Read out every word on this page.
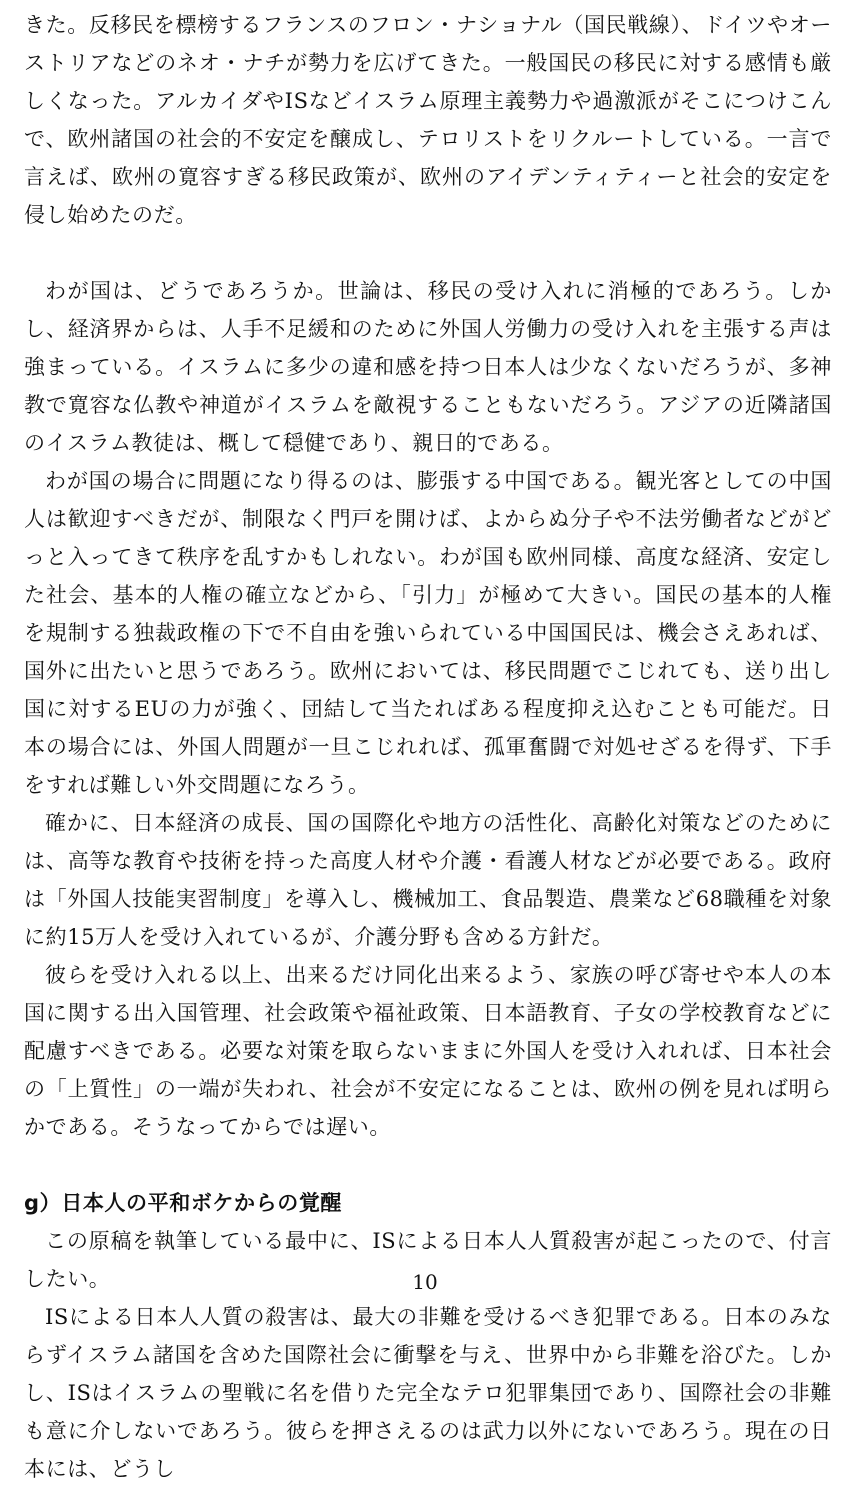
きた。反移民を標榜するフランスのフロン・ナショナル（国民戦線）、ドイツやオーストリアなどのネオ・ナチが勢力を広げてきた。一般国民の移民に対する感情も厳しくなった。アルカイダやISなどイスラム原理主義勢力や過激派がそこにつけこんで、欧州諸国の社会的不安定を醸成し、テロリストをリクルートしている。一言で言えば、欧州の寛容すぎる移民政策が、欧州のアイデンティティーと社会的安定を侵し始めたのだ。

わが国は、どうであろうか。世論は、移民の受け入れに消極的であろう。しかし、経済界からは、人手不足緩和のために外国人労働力の受け入れを主張する声は強まっている。イスラムに多少の違和感を持つ日本人は少なくないだろうが、多神教で寛容な仏教や神道がイスラムを敵視することもないだろう。アジアの近隣諸国のイスラム教徒は、概して穏健であり、親日的である。

わが国の場合に問題になり得るのは、膨張する中国である。観光客としての中国人は歓迎すべきだが、制限なく門戸を開けば、よからぬ分子や不法労働者などがどっと入ってきて秩序を乱すかもしれない。わが国も欧州同様、高度な経済、安定した社会、基本的人権の確立などから、「引力」が極めて大きい。国民の基本的人権を規制する独裁政権の下で不自由を強いられている中国国民は、機会さえあれば、国外に出たいと思うであろう。欧州においては、移民問題でこじれても、送り出し国に対するEUの力が強く、団結して当たればある程度抑え込むことも可能だ。日本の場合には、外国人問題が一旦こじれれば、孤軍奮闘で対処せざるを得ず、下手をすれば難しい外交問題になろう。

確かに、日本経済の成長、国の国際化や地方の活性化、高齢化対策などのためには、高等な教育や技術を持った高度人材や介護・看護人材などが必要である。政府は「外国人技能実習制度」を導入し、機械加工、食品製造、農業など68職種を対象に約15万人を受け入れているが、介護分野も含める方針だ。

彼らを受け入れる以上、出来るだけ同化出来るよう、家族の呼び寄せや本人の本国に関する出入国管理、社会政策や福祉政策、日本語教育、子女の学校教育などに配慮すべきである。必要な対策を取らないままに外国人を受け入れれば、日本社会の「上質性」の一端が失われ、社会が不安定になることは、欧州の例を見れば明らかである。そうなってからでは遅い。

g）日本人の平和ボケからの覚醒

この原稿を執筆している最中に、ISによる日本人人質殺害が起こったので、付言したい。

ISによる日本人人質の殺害は、最大の非難を受けるべき犯罪である。日本のみならずイスラム諸国を含めた国際社会に衝撃を与え、世界中から非難を浴びた。しかし、ISはイスラムの聖戦に名を借りた完全なテロ犯罪集団であり、国際社会の非難も意に介しないであろう。彼らを押さえるのは武力以外にないであろう。現在の日本には、どうし

10
